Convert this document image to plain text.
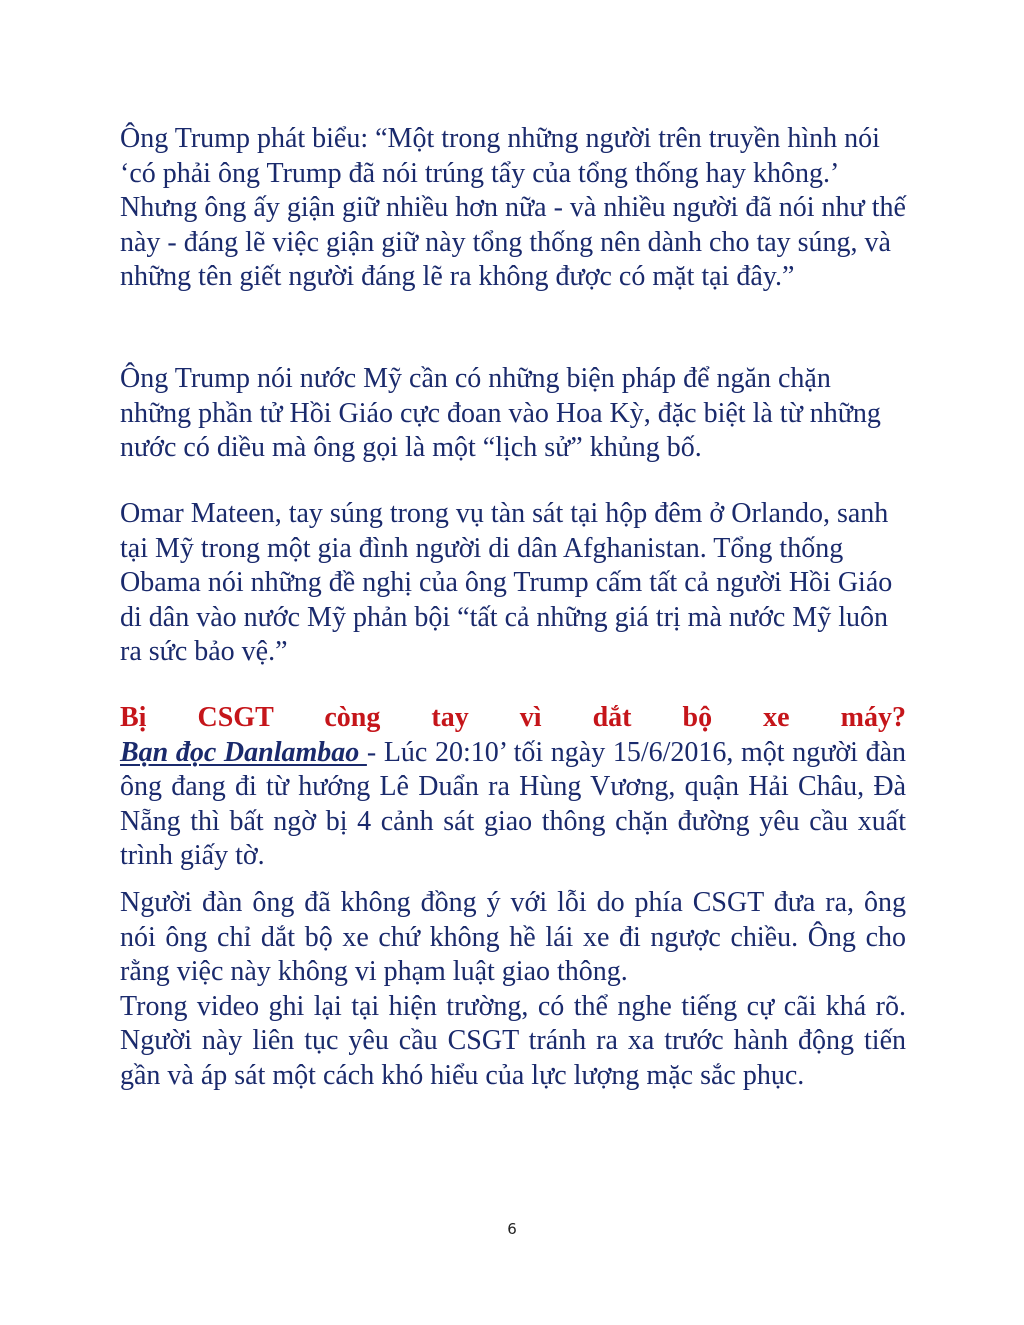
Ông Trump phát biểu: “Một trong những người trên truyền hình nói ‘có phải ông Trump đã nói trúng tẩy của tổng thống hay không.’ Nhưng ông ấy giận giữ nhiều hơn nữa - và nhiều người đã nói như thế này - đáng lẽ việc giận giữ này tổng thống nên dành cho tay súng, và những tên giết người đáng lẽ ra không được có mặt tại đây.”
Ông Trump nói nước Mỹ cần có những biện pháp để ngăn chặn những phần tử Hồi Giáo cực đoan vào Hoa Kỳ, đặc biệt là từ những nước có diều mà ông gọi là một “lịch sử” khủng bố.
Omar Mateen, tay súng trong vụ tàn sát tại hộp đêm ở Orlando, sanh tại Mỹ trong một gia đình người di dân Afghanistan. Tổng thống Obama nói những đề nghị của ông Trump cấm tất cả người Hồi Giáo di dân vào nước Mỹ phản bội “tất cả những giá trị mà nước Mỹ luôn ra sức bảo vệ.”
Bị CSGT còng tay vì dắt bộ xe máy?

Bạn đọc Danlambao - Lúc 20:10’ tối ngày 15/6/2016, một người đàn ông đang đi từ hướng Lê Duẩn ra Hùng Vương, quận Hải Châu, Đà Nẵng thì bất ngờ bị 4 cảnh sát giao thông chặn đường yêu cầu xuất trình giấy tờ.

Người đàn ông đã không đồng ý với lỗi do phía CSGT đưa ra, ông nói ông chỉ dắt bộ xe chứ không hề lái xe đi ngược chiều. Ông cho rằng việc này không vi phạm luật giao thông.

Trong video ghi lại tại hiện trường, có thể nghe tiếng cự cãi khá rõ. Người này liên tục yêu cầu CSGT tránh ra xa trước hành động tiến gần và áp sát một cách khó hiểu của lực lượng mặc sắc phục.

6
